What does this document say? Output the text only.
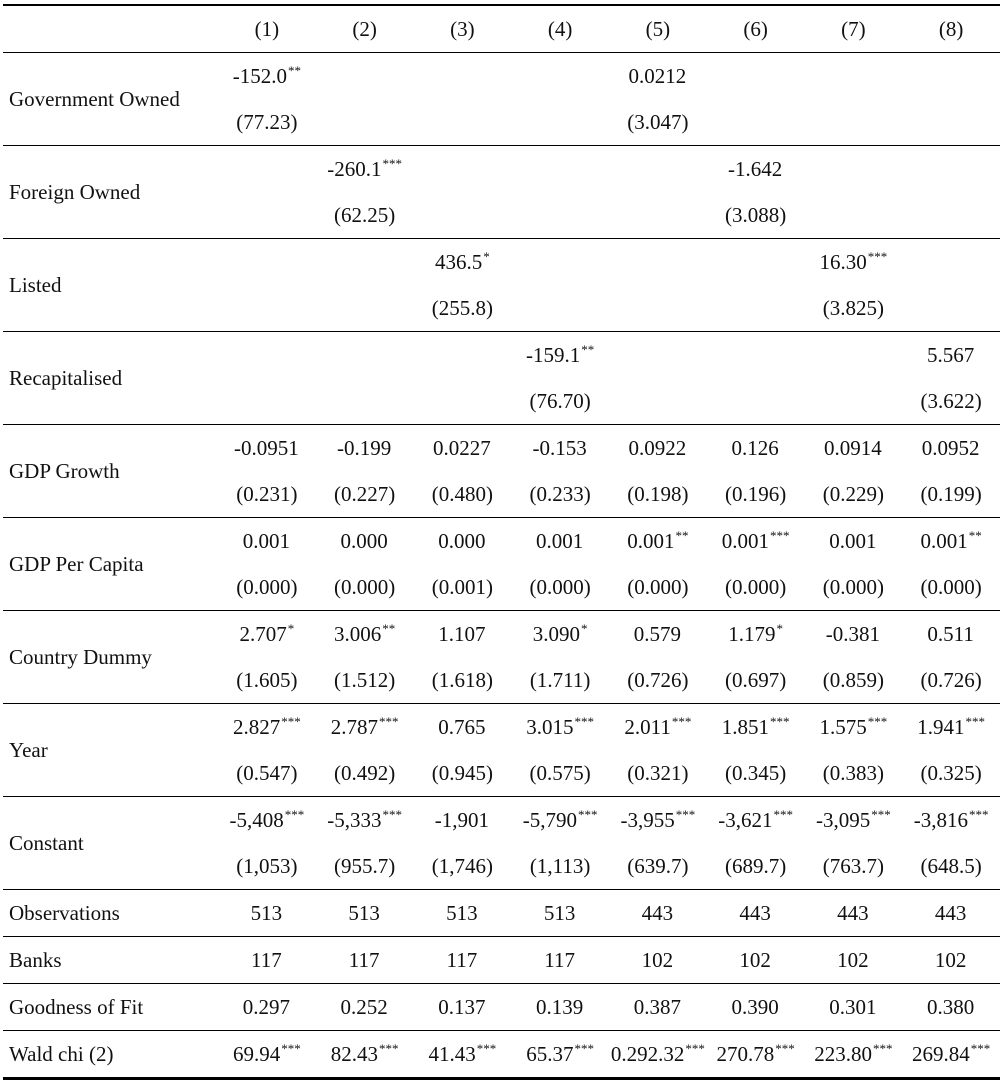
	(1)	(2)	(3)	(4)	(5)	(6)	(7)	(8)
Government Owned	-152.0**				0.0212			
	(77.23)				(3.047)			
Foreign Owned		-260.1***				-1.642		
		(62.25)				(3.088)		
Listed			436.5*				16.30***	
			(255.8)				(3.825)	
Recapitalised				-159.1**				5.567
				(76.70)				(3.622)
GDP Growth	-0.0951	-0.199	0.0227	-0.153	0.0922	0.126	0.0914	0.0952
	(0.231)	(0.227)	(0.480)	(0.233)	(0.198)	(0.196)	(0.229)	(0.199)
GDP Per Capita	0.001	0.000	0.000	0.001	0.001**	0.001***	0.001	0.001**
	(0.000)	(0.000)	(0.001)	(0.000)	(0.000)	(0.000)	(0.000)	(0.000)
Country Dummy	2.707*	3.006**	1.107	3.090*	0.579	1.179*	-0.381	0.511
	(1.605)	(1.512)	(1.618)	(1.711)	(0.726)	(0.697)	(0.859)	(0.726)
Year	2.827***	2.787***	0.765	3.015***	2.011***	1.851***	1.575***	1.941***
	(0.547)	(0.492)	(0.945)	(0.575)	(0.321)	(0.345)	(0.383)	(0.325)
Constant	-5,408***	-5,333***	-1,901	-5,790***	-3,955***	-3,621***	-3,095***	-3,816***
	(1,053)	(955.7)	(1,746)	(1,113)	(639.7)	(689.7)	(763.7)	(648.5)
Observations	513	513	513	513	443	443	443	443
Banks	117	117	117	117	102	102	102	102
Goodness of Fit	0.297	0.252	0.137	0.139	0.387	0.390	0.301	0.380
Wald chi (2)	69.94***	82.43***	41.43***	65.37***	0.292.32***	270.78***	223.80***	269.84***
